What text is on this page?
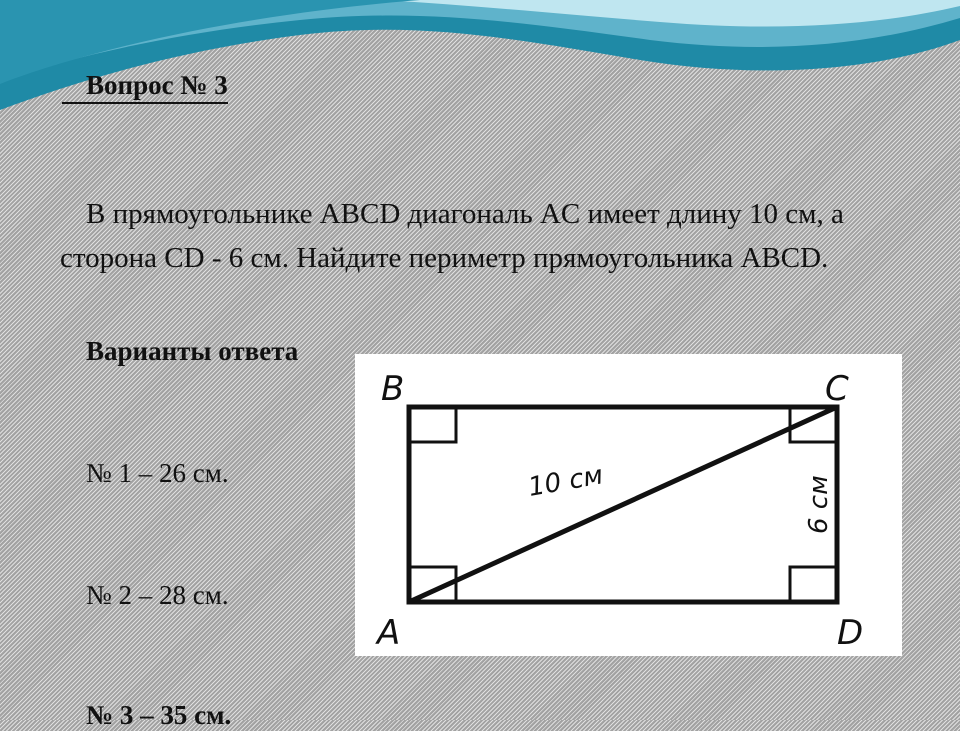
Вопрос № 3
В прямоугольнике ABCD диагональ AC имеет длину 10 см, а сторона CD - 6 см. Найдите периметр прямоугольника ABCD.
Варианты ответа
№ 1 – 26 см.
№ 2 – 28 см.
№ 3 – 35 см.
B	C
A	D
10 см	6 см
